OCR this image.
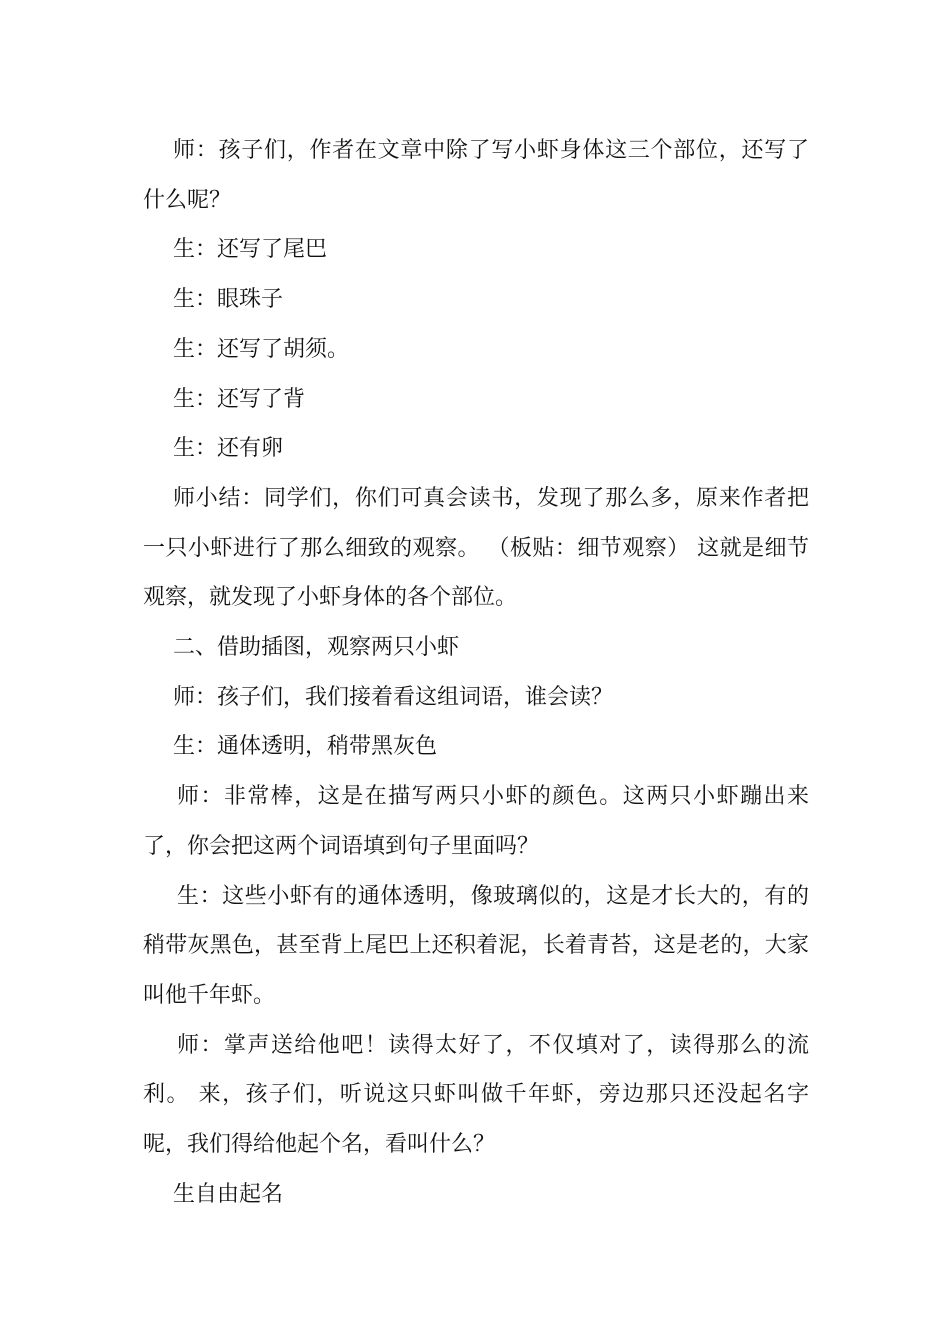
师：孩子们，作者在文章中除了写小虾身体这三个部位，还写了什么呢？

生：还写了尾巴

生：眼珠子

生：还写了胡须。

生：还写了背

生：还有卵

师小结：同学们，你们可真会读书，发现了那么多，原来作者把一只小虾进行了那么细致的观察。 （板贴：细节观察） 这就是细节观察，就发现了小虾身体的各个部位。

二、借助插图，观察两只小虾

师：孩子们，我们接着看这组词语，谁会读？

生：通体透明，稍带黑灰色

师：非常棒，这是在描写两只小虾的颜色。这两只小虾蹦出来了，你会把这两个词语填到句子里面吗？

生：这些小虾有的通体透明，像玻璃似的，这是才长大的，有的稍带灰黑色，甚至背上尾巴上还积着泥，长着青苔，这是老的，大家叫他千年虾。

师：掌声送给他吧！读得太好了，不仅填对了，读得那么的流利。 来，孩子们，听说这只虾叫做千年虾，旁边那只还没起名字呢，我们得给他起个名，看叫什么？

生自由起名
